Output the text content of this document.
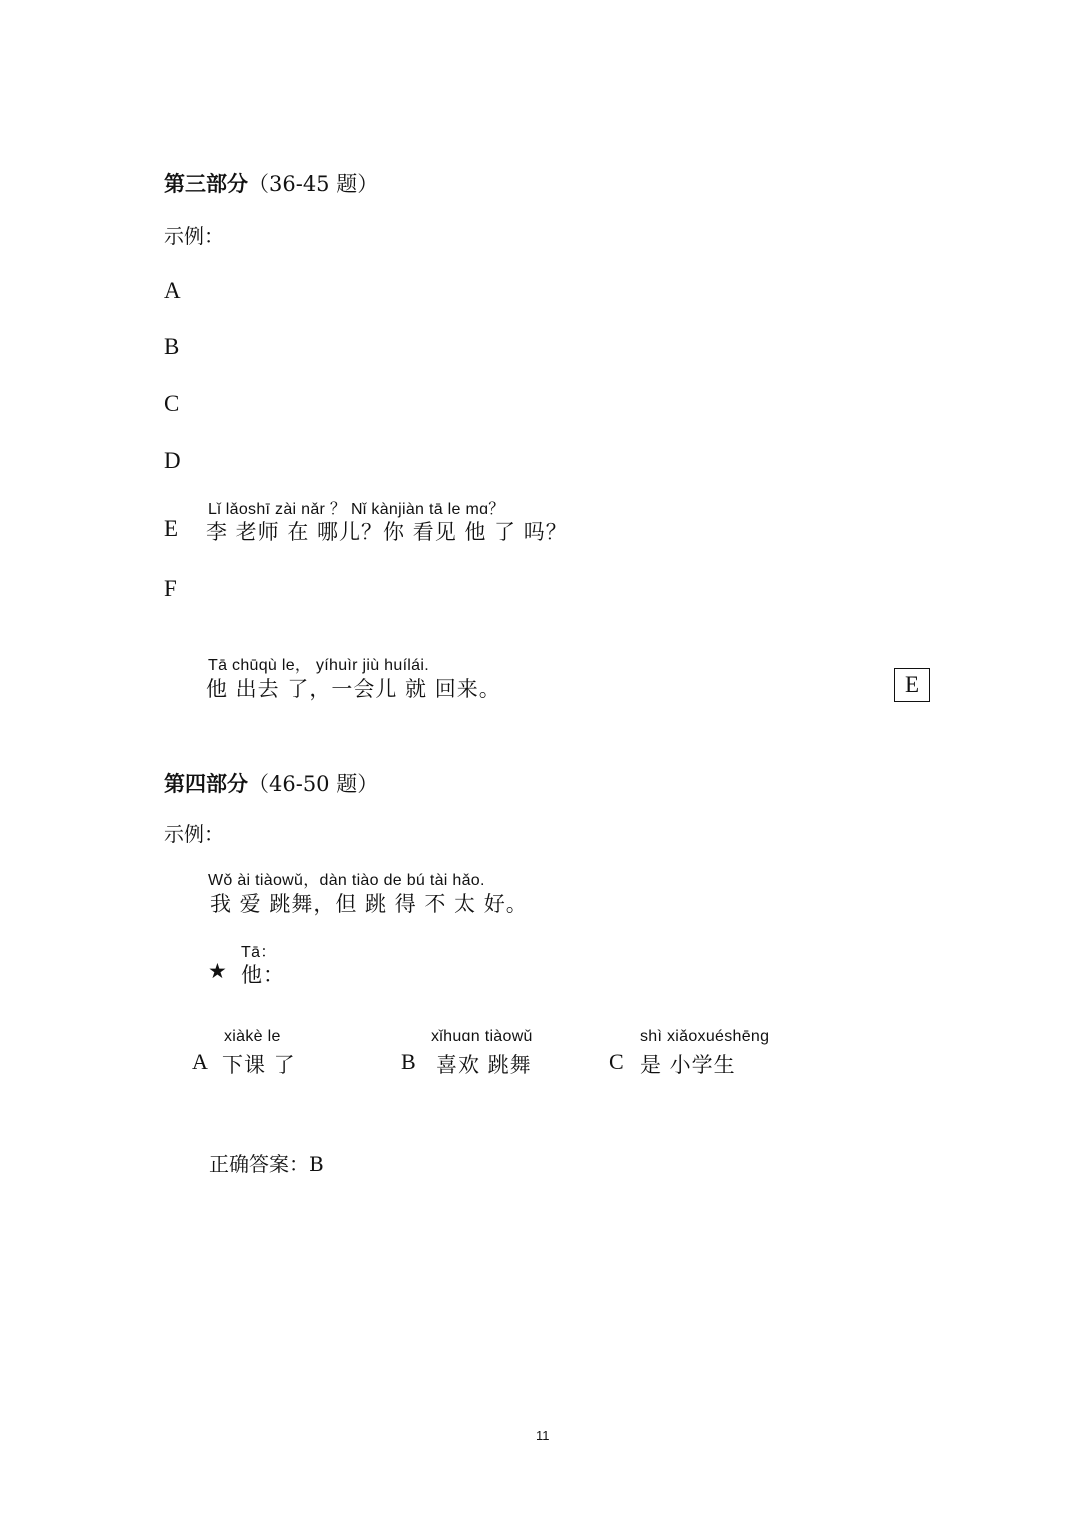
第三部分（36-45 题）
示例：
A
B
C
D
Lǐ lǎoshī zài nǎr ？ Nǐ kànjiàn tā le mɑ？
E 李 老师 在 哪儿？你 看见 他 了 吗？
F
Tā chūqù le， yíhuìr jiù huílái.
他 出去 了，一会儿 就 回来。	E
第四部分（46-50 题）
示例：
Wǒ ài tiàowǔ，dàn tiào de bú tài hǎo.
我 爱 跳舞，但 跳 得 不 太 好。
Tā：
★ 他：
xiàkè le
A 下课 了
xǐhuɑn tiàowǔ
B 喜欢 跳舞
shì xiǎoxuéshēng
C 是 小学生
正确答案：B
11
